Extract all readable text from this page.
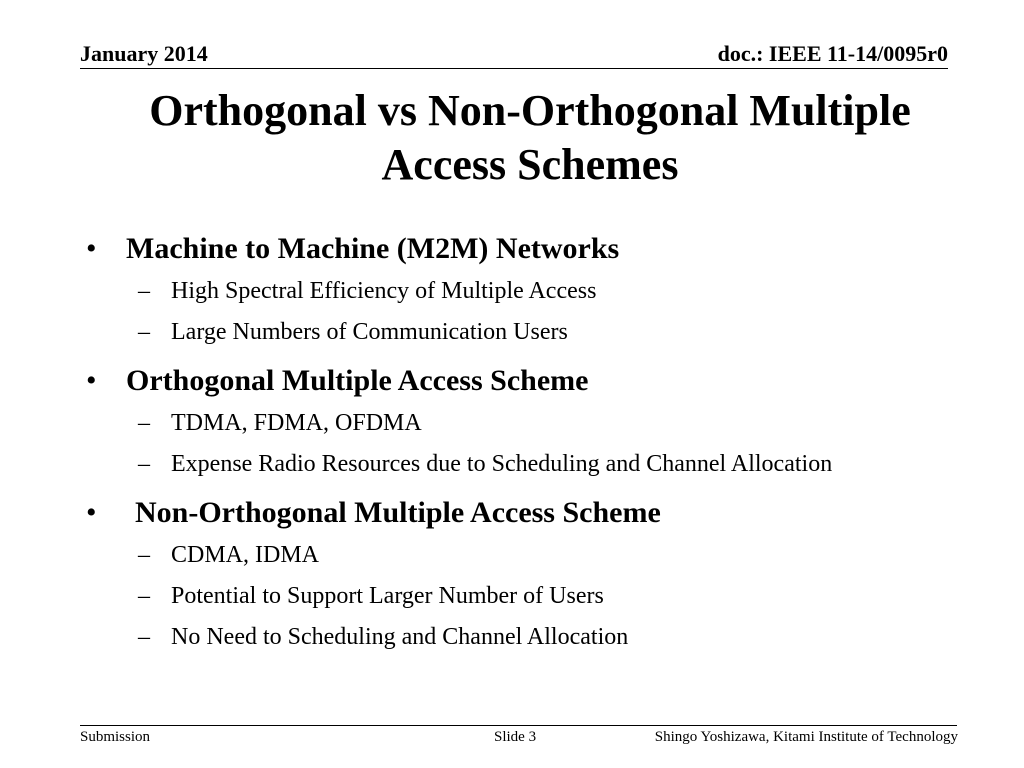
January 2014	doc.: IEEE 11-14/0095r0
Orthogonal vs Non-Orthogonal Multiple
Access Schemes
• Machine to Machine (M2M) Networks
– High Spectral Efficiency of Multiple Access
– Large Numbers of Communication Users
• Orthogonal Multiple Access Scheme
– TDMA, FDMA, OFDMA
– Expense Radio Resources due to Scheduling and Channel Allocation
• Non-Orthogonal Multiple Access Scheme
– CDMA, IDMA
– Potential to Support Larger Number of Users
– No Need to Scheduling and Channel Allocation
Submission	Slide 3	Shingo Yoshizawa, Kitami Institute of Technology
